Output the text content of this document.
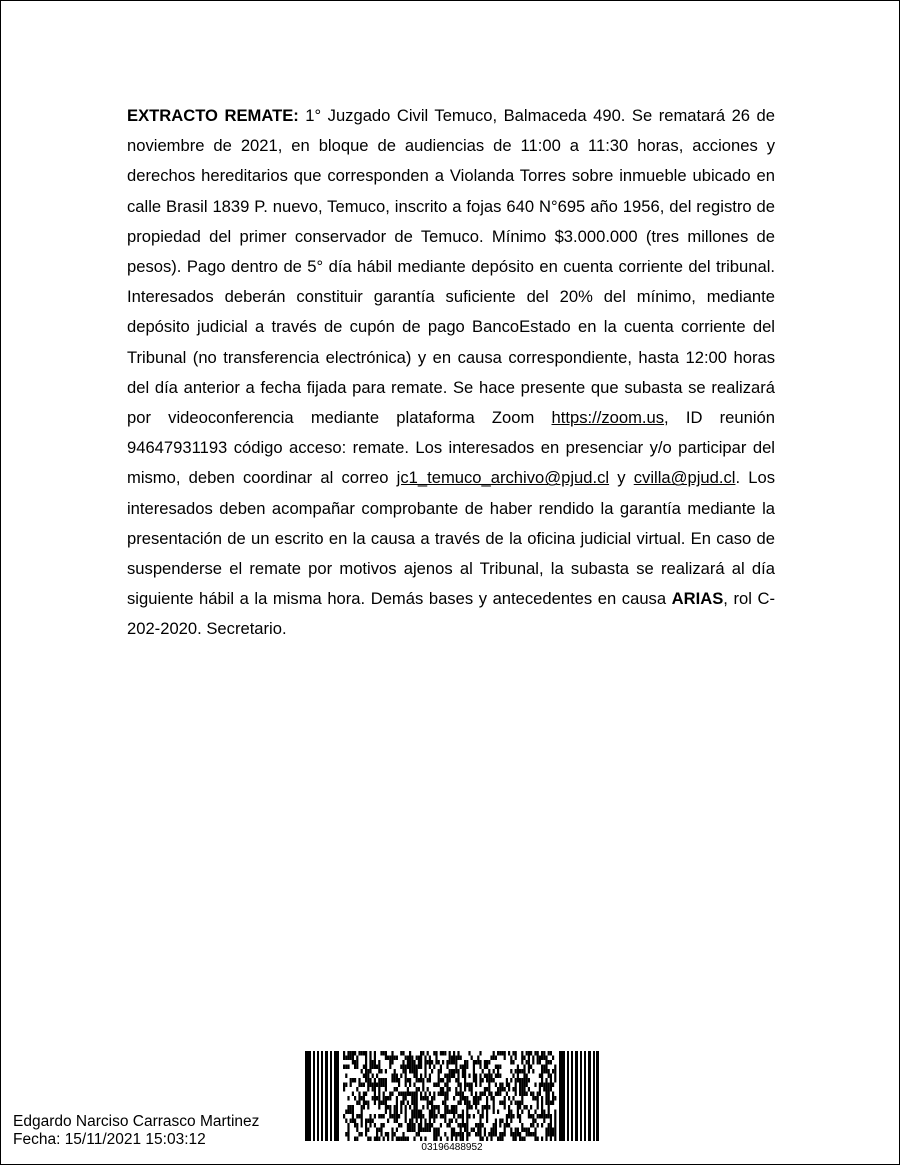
EXTRACTO REMATE: 1° Juzgado Civil Temuco, Balmaceda 490. Se rematará 26 de noviembre de 2021, en bloque de audiencias de 11:00 a 11:30 horas, acciones y derechos hereditarios que corresponden a Violanda Torres sobre inmueble ubicado en calle Brasil 1839 P. nuevo, Temuco, inscrito a fojas 640 N°695 año 1956, del registro de propiedad del primer conservador de Temuco. Mínimo $3.000.000 (tres millones de pesos). Pago dentro de 5° día hábil mediante depósito en cuenta corriente del tribunal. Interesados deberán constituir garantía suficiente del 20% del mínimo, mediante depósito judicial a través de cupón de pago BancoEstado en la cuenta corriente del Tribunal (no transferencia electrónica) y en causa correspondiente, hasta 12:00 horas del día anterior a fecha fijada para remate. Se hace presente que subasta se realizará por videoconferencia mediante plataforma Zoom https://zoom.us, ID reunión 94647931193 código acceso: remate. Los interesados en presenciar y/o participar del mismo, deben coordinar al correo jc1_temuco_archivo@pjud.cl y cvilla@pjud.cl. Los interesados deben acompañar comprobante de haber rendido la garantía mediante la presentación de un escrito en la causa a través de la oficina judicial virtual. En caso de suspenderse el remate por motivos ajenos al Tribunal, la subasta se realizará al día siguiente hábil a la misma hora. Demás bases y antecedentes en causa ARIAS, rol C-202-2020. Secretario.
Edgardo Narciso Carrasco Martinez
Fecha: 15/11/2021 15:03:12	03196488952
